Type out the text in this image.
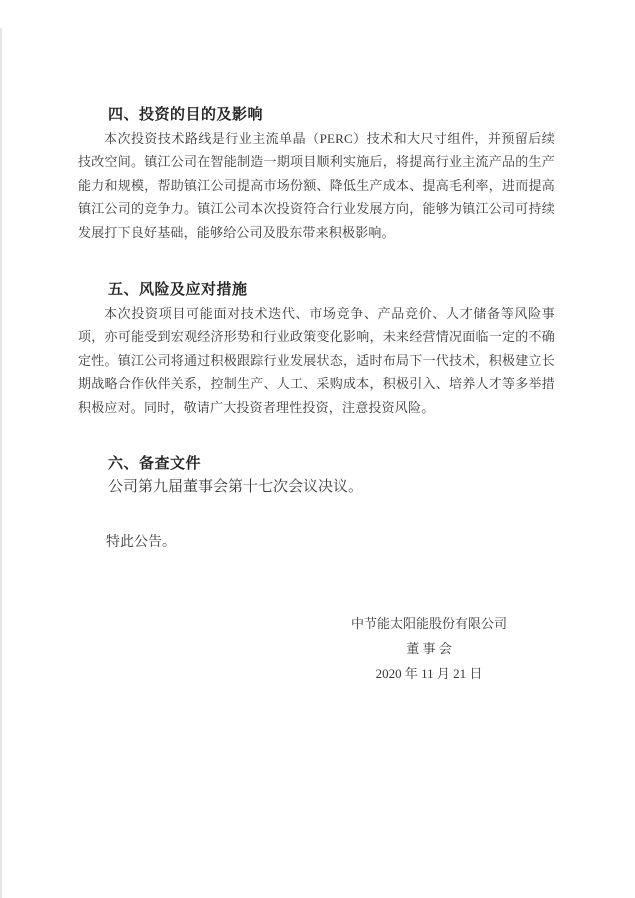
四、投资的目的及影响

本次投资技术路线是行业主流单晶（PERC）技术和大尺寸组件，并预留后续技改空间。镇江公司在智能制造一期项目顺利实施后，将提高行业主流产品的生产能力和规模，帮助镇江公司提高市场份额、降低生产成本、提高毛利率，进而提高镇江公司的竞争力。镇江公司本次投资符合行业发展方向，能够为镇江公司可持续发展打下良好基础，能够给公司及股东带来积极影响。

五、风险及应对措施

本次投资项目可能面对技术迭代、市场竞争、产品竞价、人才储备等风险事项，亦可能受到宏观经济形势和行业政策变化影响，未来经营情况面临一定的不确定性。镇江公司将通过积极跟踪行业发展状态，适时布局下一代技术，积极建立长期战略合作伙伴关系，控制生产、人工、采购成本，积极引入、培养人才等多举措积极应对。同时，敬请广大投资者理性投资，注意投资风险。

六、备查文件

公司第九届董事会第十七次会议决议。

特此公告。

中节能太阳能股份有限公司
董 事 会
2020 年 11 月 21 日
